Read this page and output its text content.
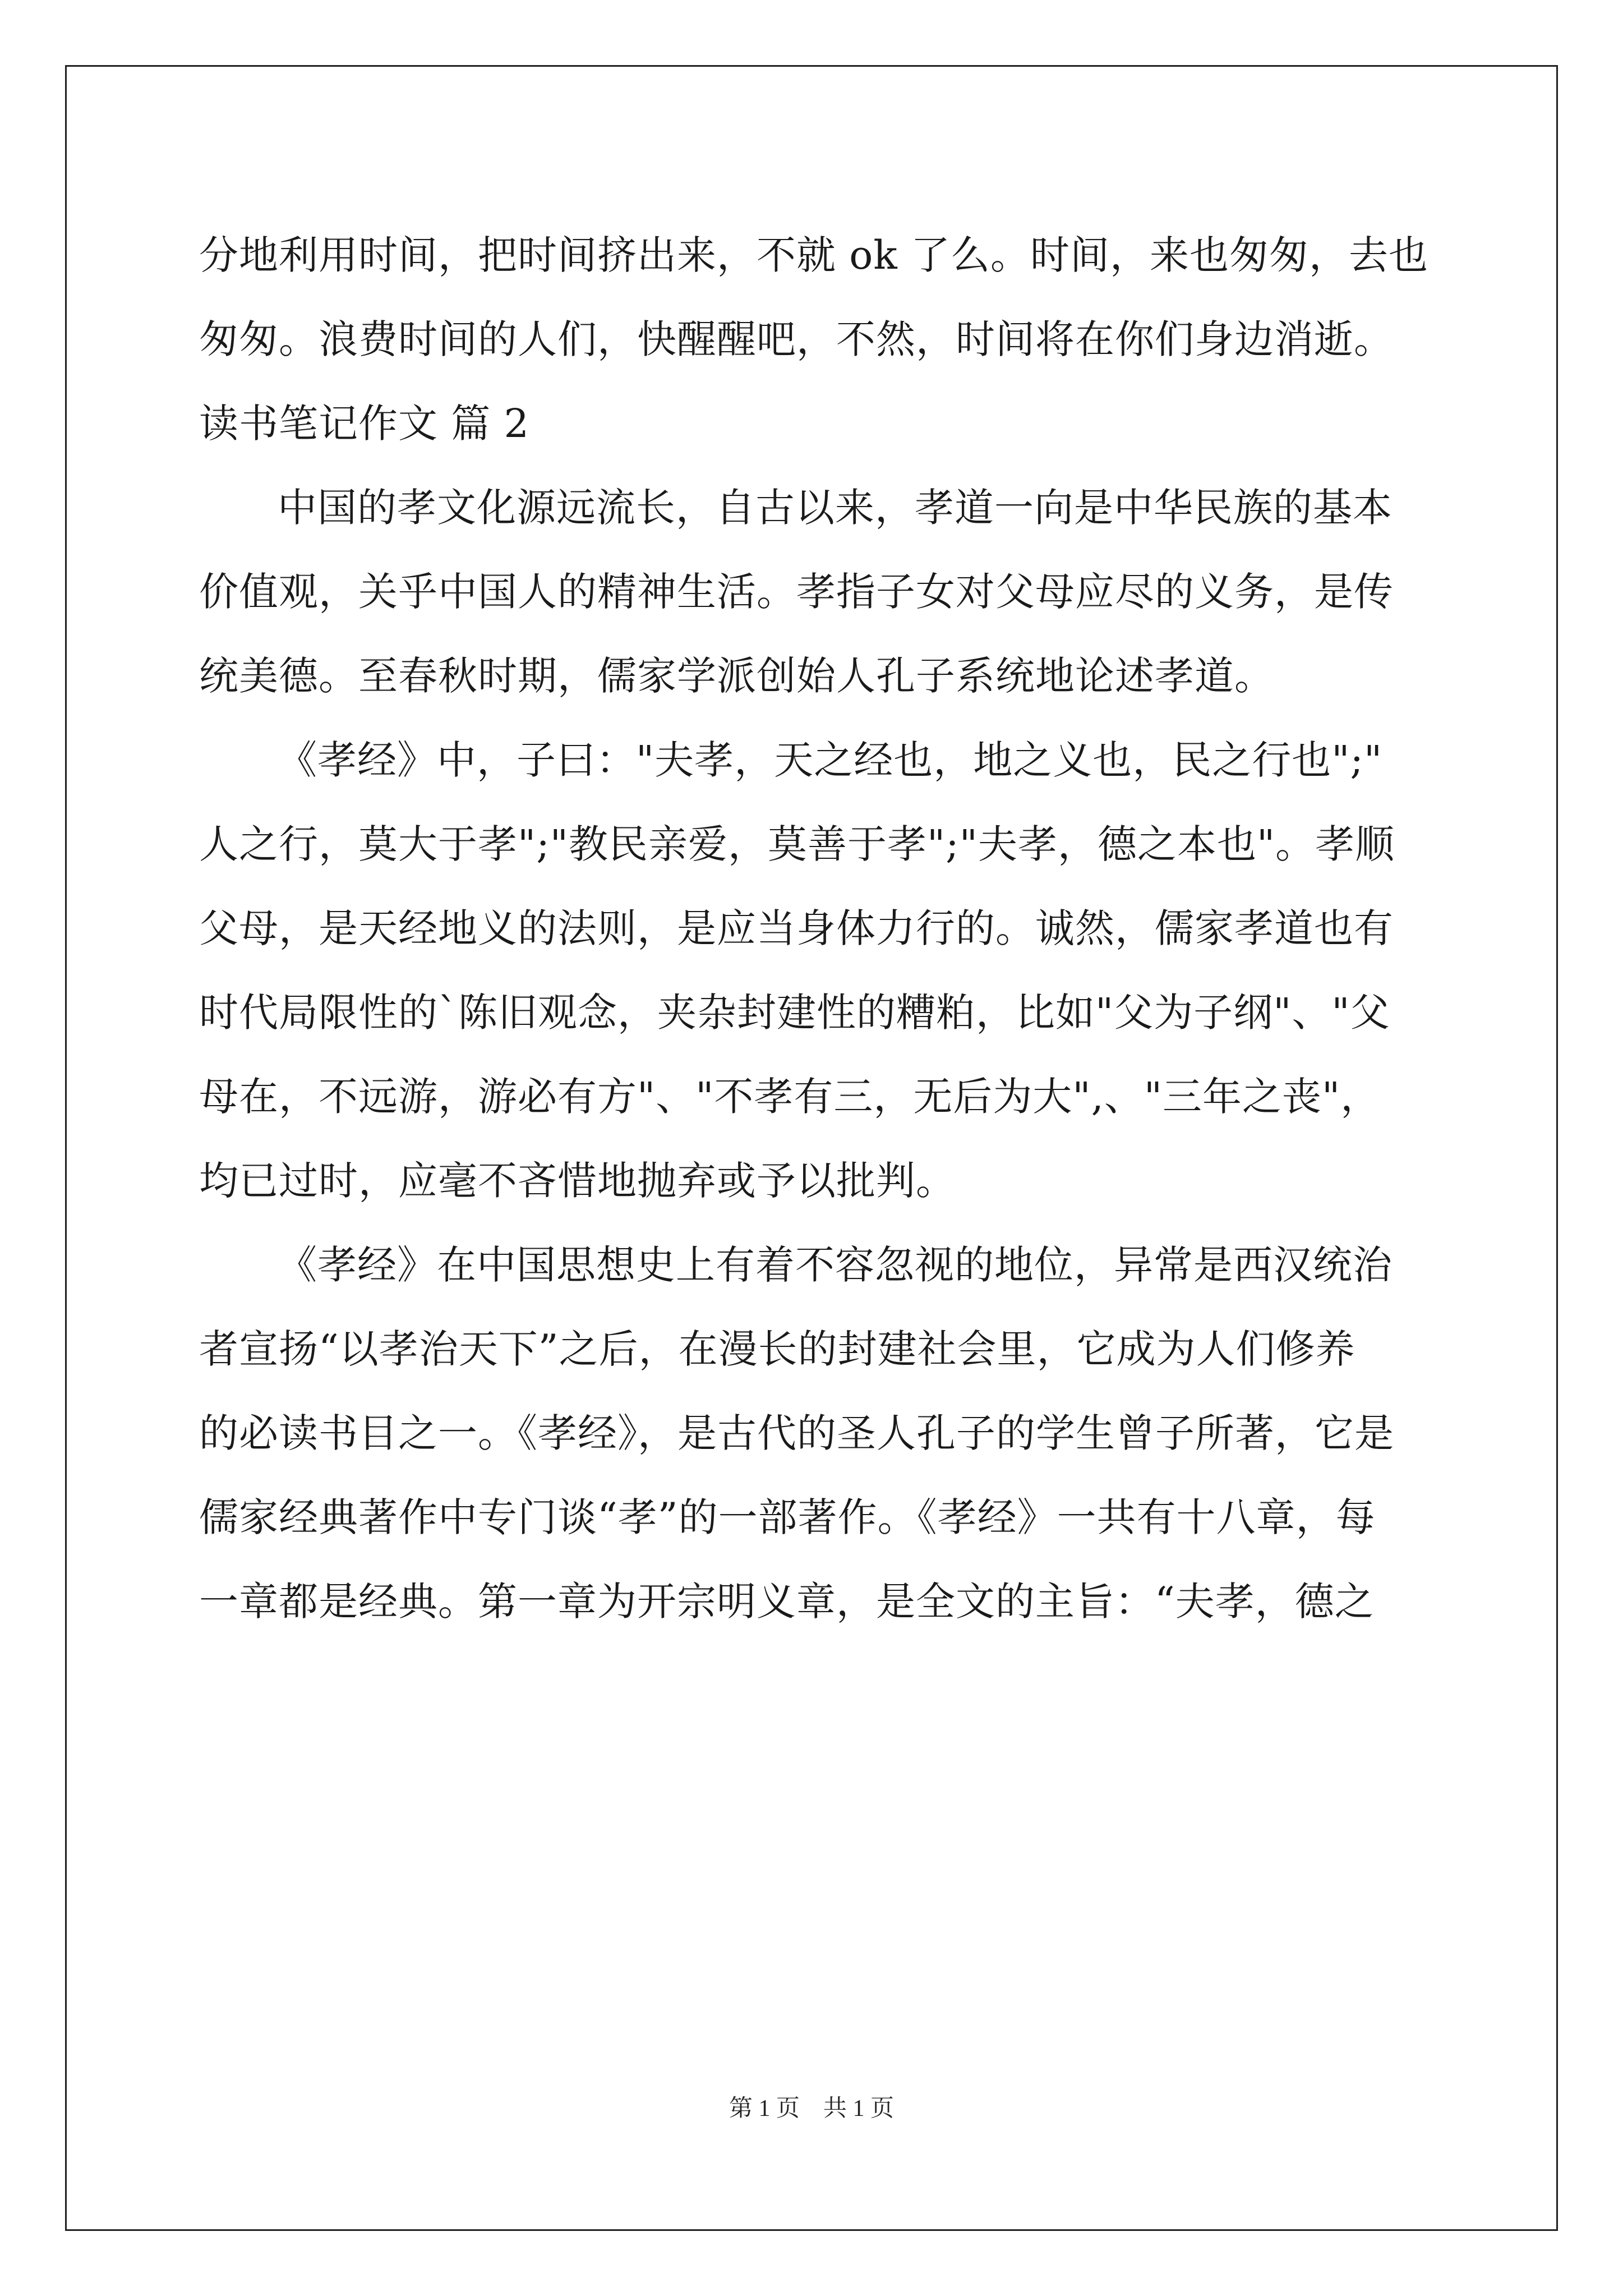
分地利用时间，把时间挤出来，不就 ok 了么。时间，来也匆匆，去也
匆匆。浪费时间的人们，快醒醒吧，不然，时间将在你们身边消逝。
读书笔记作文 篇 2
中国的孝文化源远流长，自古以来，孝道一向是中华民族的基本
价值观，关乎中国人的精神生活。孝指子女对父母应尽的义务，是传
统美德。至春秋时期，儒家学派创始人孔子系统地论述孝道。
《孝经》中，子曰："夫孝，天之经也，地之义也，民之行也";"
人之行，莫大于孝";"教民亲爱，莫善于孝";"夫孝，德之本也"。孝顺
父母，是天经地义的法则，是应当身体力行的。诚然，儒家孝道也有
时代局限性的`陈旧观念，夹杂封建性的糟粕，比如"父为子纲"、"父
母在，不远游，游必有方"、"不孝有三，无后为大",、"三年之丧"，
均已过时，应毫不吝惜地抛弃或予以批判。
《孝经》在中国思想史上有着不容忽视的地位，异常是西汉统治
者宣扬“以孝治天下”之后，在漫长的封建社会里，它成为人们修养
的必读书目之一。《孝经》，是古代的圣人孔子的学生曾子所著，它是
儒家经典著作中专门谈“孝”的一部著作。《孝经》一共有十八章，每
一章都是经典。第一章为开宗明义章，是全文的主旨：“夫孝，德之
第 1 页　共 1 页
